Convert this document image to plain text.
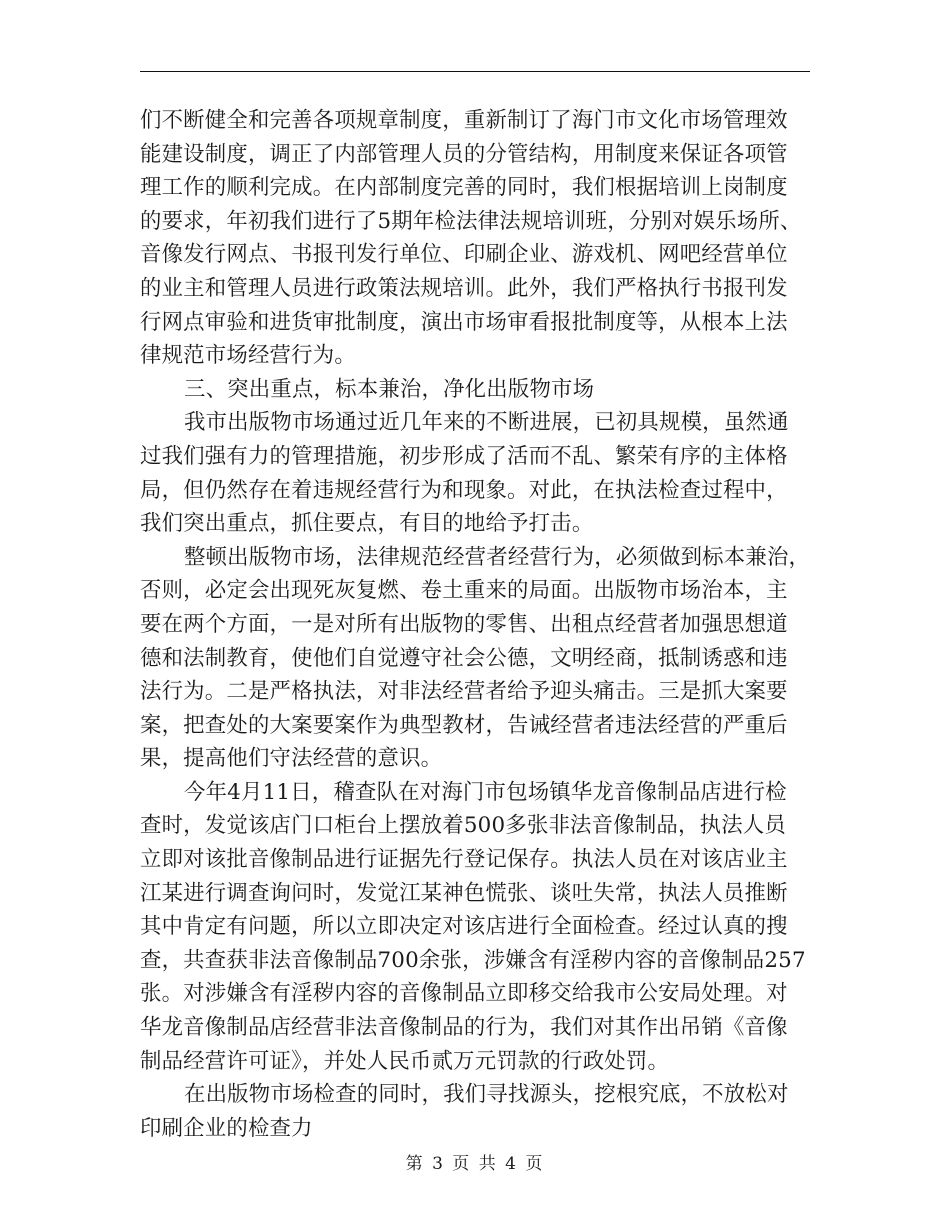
们不断健全和完善各项规章制度，重新制订了海门市文化市场管理效
能建设制度，调正了内部管理人员的分管结构，用制度来保证各项管
理工作的顺利完成。在内部制度完善的同时，我们根据培训上岗制度
的要求，年初我们进行了5期年检法律法规培训班，分别对娱乐场所、
音像发行网点、书报刊发行单位、印刷企业、游戏机、网吧经营单位
的业主和管理人员进行政策法规培训。此外，我们严格执行书报刊发
行网点审验和进货审批制度，演出市场审看报批制度等，从根本上法
律规范市场经营行为。
三、突出重点，标本兼治，净化出版物市场
我市出版物市场通过近几年来的不断进展，已初具规模，虽然通
过我们强有力的管理措施，初步形成了活而不乱、繁荣有序的主体格
局，但仍然存在着违规经营行为和现象。对此，在执法检查过程中，
我们突出重点，抓住要点，有目的地给予打击。
整顿出版物市场，法律规范经营者经营行为，必须做到标本兼治，
否则，必定会出现死灰复燃、卷土重来的局面。出版物市场治本，主
要在两个方面，一是对所有出版物的零售、出租点经营者加强思想道
德和法制教育，使他们自觉遵守社会公德，文明经商，抵制诱惑和违
法行为。二是严格执法，对非法经营者给予迎头痛击。三是抓大案要
案，把查处的大案要案作为典型教材，告诫经营者违法经营的严重后
果，提高他们守法经营的意识。
今年4月11日，稽查队在对海门市包场镇华龙音像制品店进行检
查时，发觉该店门口柜台上摆放着500多张非法音像制品，执法人员
立即对该批音像制品进行证据先行登记保存。执法人员在对该店业主
江某进行调查询问时，发觉江某神色慌张、谈吐失常，执法人员推断
其中肯定有问题，所以立即决定对该店进行全面检查。经过认真的搜
查，共查获非法音像制品700余张，涉嫌含有淫秽内容的音像制品257
张。对涉嫌含有淫秽内容的音像制品立即移交给我市公安局处理。对
华龙音像制品店经营非法音像制品的行为，我们对其作出吊销《音像
制品经营许可证》，并处人民币贰万元罚款的行政处罚。
在出版物市场检查的同时，我们寻找源头，挖根究底，不放松对
印刷企业的检查力
第 3 页 共 4 页
